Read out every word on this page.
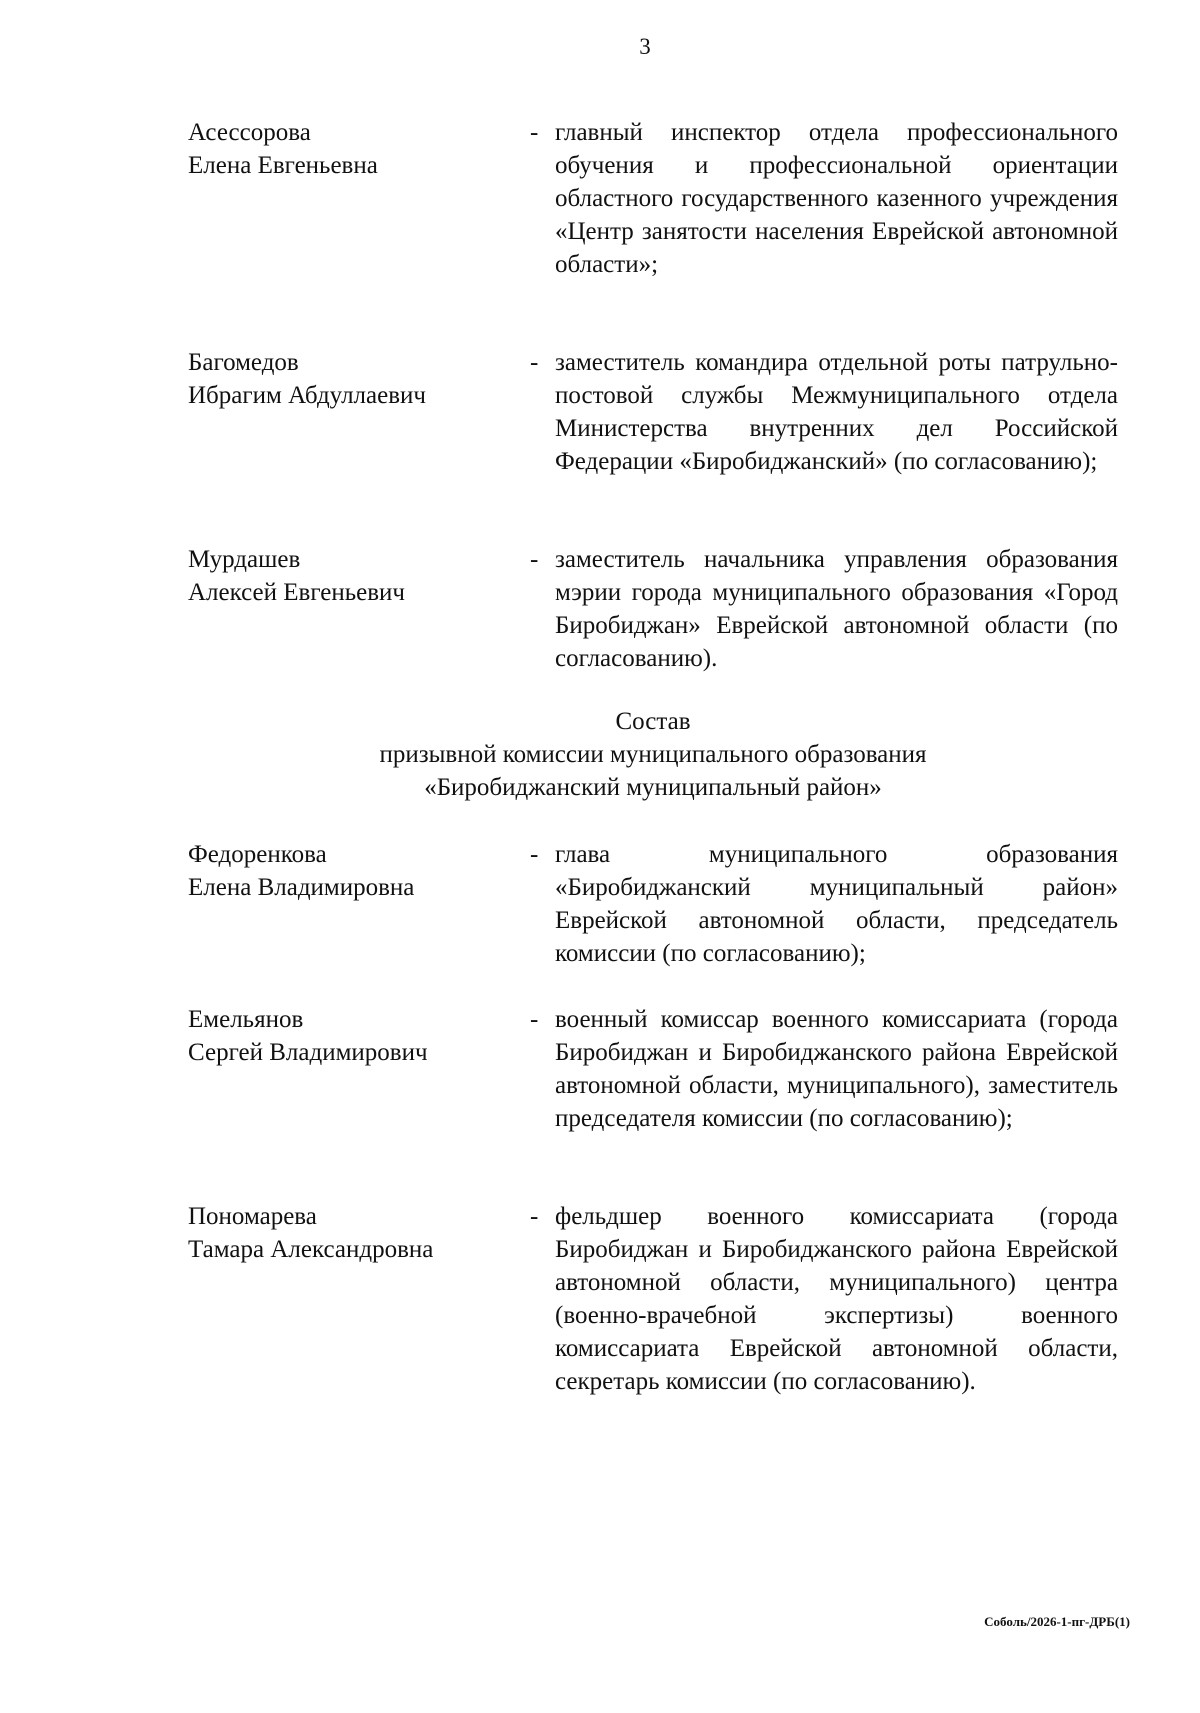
3
Асессорова
Елена Евгеньевна
- главный инспектор отдела профессионального обучения и профессиональной ориентации областного государственного казенного учреждения «Центр занятости населения Еврейской автономной области»;
Багомедов
Ибрагим Абдуллаевич
- заместитель командира отдельной роты патрульно-постовой службы Межмуниципального отдела Министерства внутренних дел Российской Федерации «Биробиджанский» (по согласованию);
Мурдашев
Алексей Евгеньевич
- заместитель начальника управления образования мэрии города муниципального образования «Город Биробиджан» Еврейской автономной области (по согласованию).
Состав
призывной комиссии муниципального образования
«Биробиджанский муниципальный район»
Федоренкова
Елена Владимировна
- глава муниципального образования «Биробиджанский муниципальный район» Еврейской автономной области, председатель комиссии (по согласованию);
Емельянов
Сергей Владимирович
- военный комиссар военного комиссариата (города Биробиджан и Биробиджанского района Еврейской автономной области, муниципального), заместитель председателя комиссии (по согласованию);
Пономарева
Тамара Александровна
- фельдшер военного комиссариата (города Биробиджан и Биробиджанского района Еврейской автономной области, муниципального) центра (военно-врачебной экспертизы) военного комиссариата Еврейской автономной области, секретарь комиссии (по согласованию).
Соболь/2026-1-пг-ДРБ(1)
